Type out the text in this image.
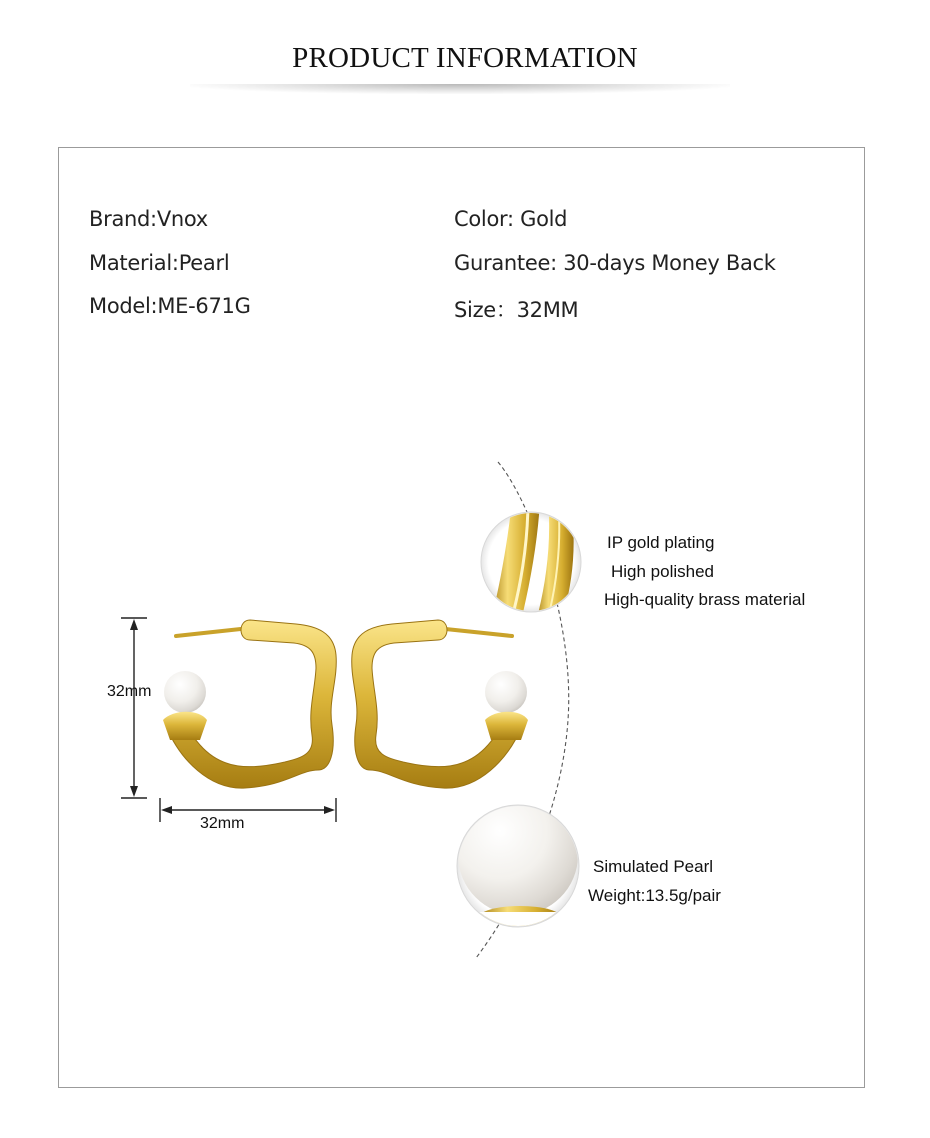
PRODUCT INFORMATION
Brand:Vnox
Material:Pearl
Model:ME-671G
Color: Gold
Gurantee: 30-days Money Back
Size：32MM
32mm
32mm
IP gold plating
High polished
High-quality brass material
Simulated Pearl
Weight:13.5g/pair
